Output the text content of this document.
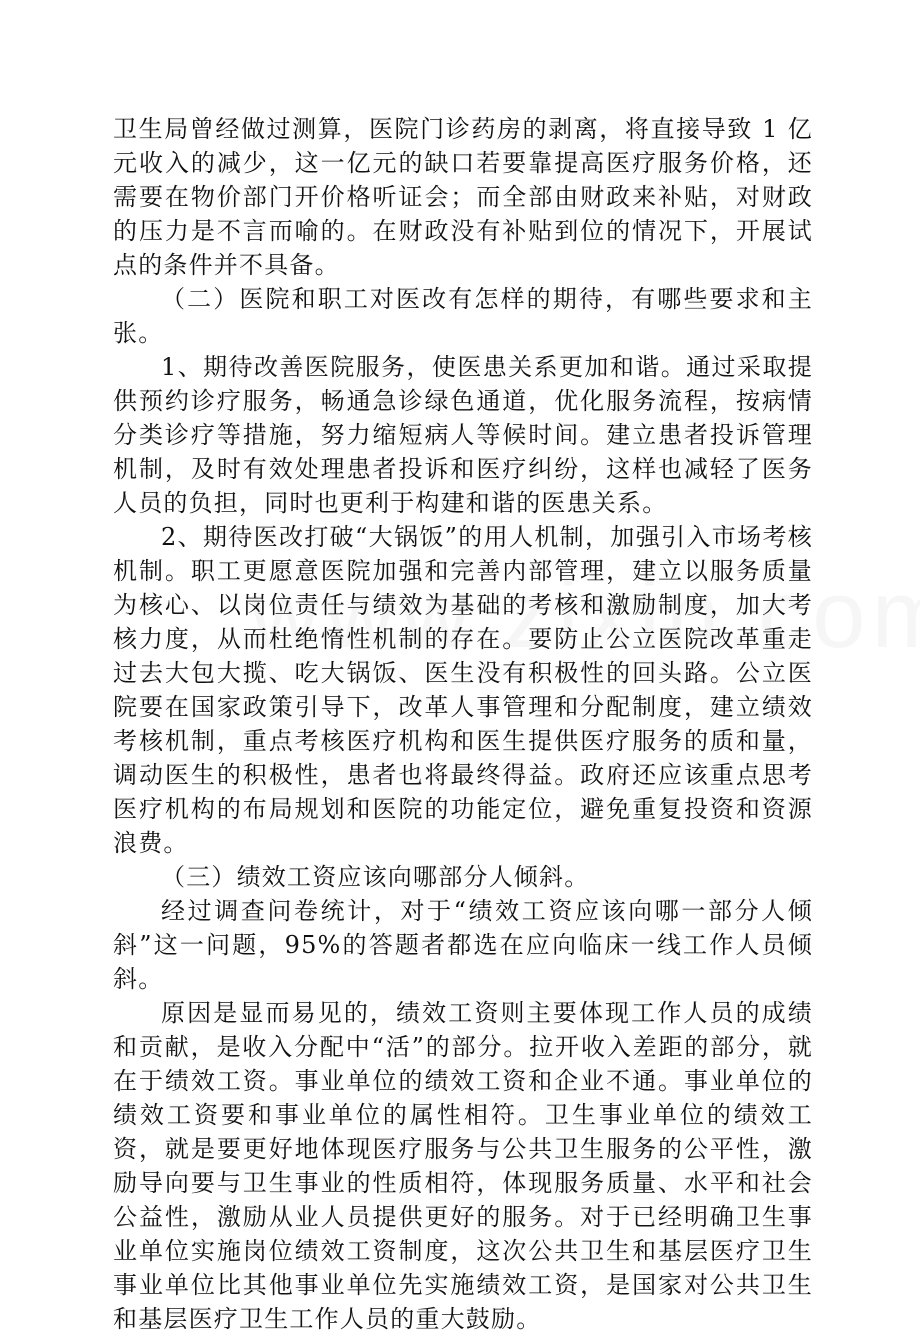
卫生局曾经做过测算，医院门诊药房的剥离，将直接导致 1 亿元收入的减少，这一亿元的缺口若要靠提高医疗服务价格，还需要在物价部门开价格听证会；而全部由财政来补贴，对财政的压力是不言而喻的。在财政没有补贴到位的情况下，开展试点的条件并不具备。

（二）医院和职工对医改有怎样的期待，有哪些要求和主张。

1、期待改善医院服务，使医患关系更加和谐。通过采取提供预约诊疗服务，畅通急诊绿色通道，优化服务流程，按病情分类诊疗等措施，努力缩短病人等候时间。建立患者投诉管理机制，及时有效处理患者投诉和医疗纠纷，这样也减轻了医务人员的负担，同时也更利于构建和谐的医患关系。

2、期待医改打破“大锅饭”的用人机制，加强引入市场考核机制。职工更愿意医院加强和完善内部管理，建立以服务质量为核心、以岗位责任与绩效为基础的考核和激励制度，加大考核力度，从而杜绝惰性机制的存在。要防止公立医院改革重走过去大包大揽、吃大锅饭、医生没有积极性的回头路。公立医院要在国家政策引导下，改革人事管理和分配制度，建立绩效考核机制，重点考核医疗机构和医生提供医疗服务的质和量，调动医生的积极性，患者也将最终得益。政府还应该重点思考医疗机构的布局规划和医院的功能定位，避免重复投资和资源浪费。

（三）绩效工资应该向哪部分人倾斜。

经过调查问卷统计，对于“绩效工资应该向哪一部分人倾斜”这一问题，95%的答题者都选在应向临床一线工作人员倾斜。

原因是显而易见的，绩效工资则主要体现工作人员的成绩和贡献，是收入分配中“活”的部分。拉开收入差距的部分，就在于绩效工资。事业单位的绩效工资和企业不通。事业单位的绩效工资要和事业单位的属性相符。卫生事业单位的绩效工资，就是要更好地体现医疗服务与公共卫生服务的公平性，激励导向要与卫生事业的性质相符，体现服务质量、水平和社会公益性，激励从业人员提供更好的服务。对于已经明确卫生事业单位实施岗位绩效工资制度，这次公共卫生和基层医疗卫生事业单位比其他事业单位先实施绩效工资，是国家对公共卫生和基层医疗卫生工作人员的重大鼓励。
